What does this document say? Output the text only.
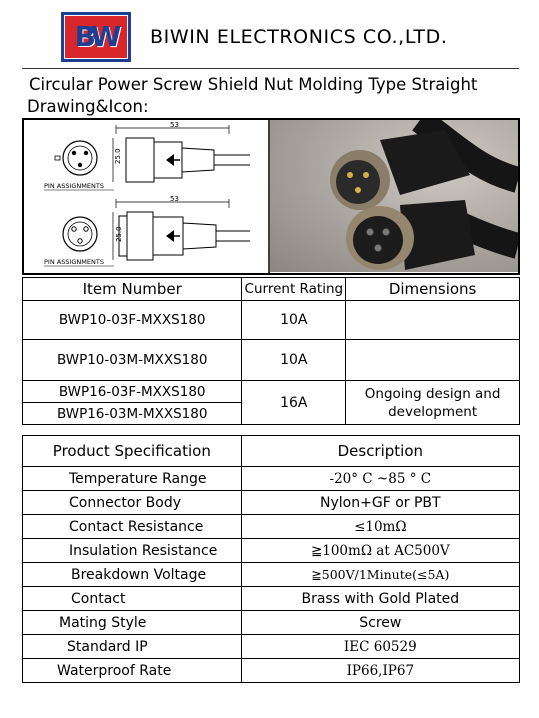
BW BIWIN ELECTRONICS CO.,LTD.
Circular Power Screw Shield Nut Molding Type Straight
Drawing&Icon:
53
25.0
PIN ASSIGNMENTS
53
25.0
PIN ASSIGNMENTS
Item Number	Current Rating	Dimensions
BWP10-03F-MXXS180	10A	
BWP10-03M-MXXS180	10A	
BWP16-03F-MXXS180	16A	Ongoing design and development
BWP16-03M-MXXS180		
Product Specification	Description
Temperature Range	-20° C ~85 ° C
Connector Body	Nylon+GF or PBT
Contact Resistance	≤10mΩ
Insulation Resistance	≧100mΩ at AC500V
Breakdown Voltage	≧500V/1Minute(≤5A)
Contact	Brass with Gold Plated
Mating Style	Screw
Standard IP	IEC 60529
Waterproof Rate	IP66,IP67
